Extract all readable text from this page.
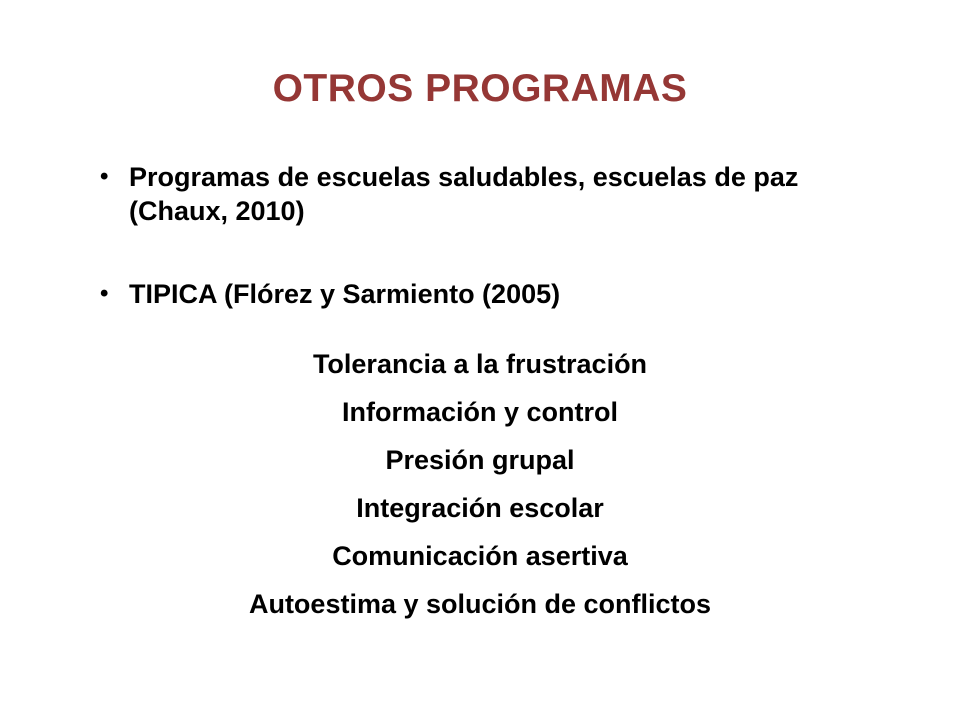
OTROS PROGRAMAS
• Programas de escuelas saludables, escuelas de paz (Chaux, 2010)
• TIPICA (Flórez y Sarmiento (2005)
Tolerancia a la frustración
Información y control
Presión grupal
Integración escolar
Comunicación asertiva
Autoestima y solución de conflictos
